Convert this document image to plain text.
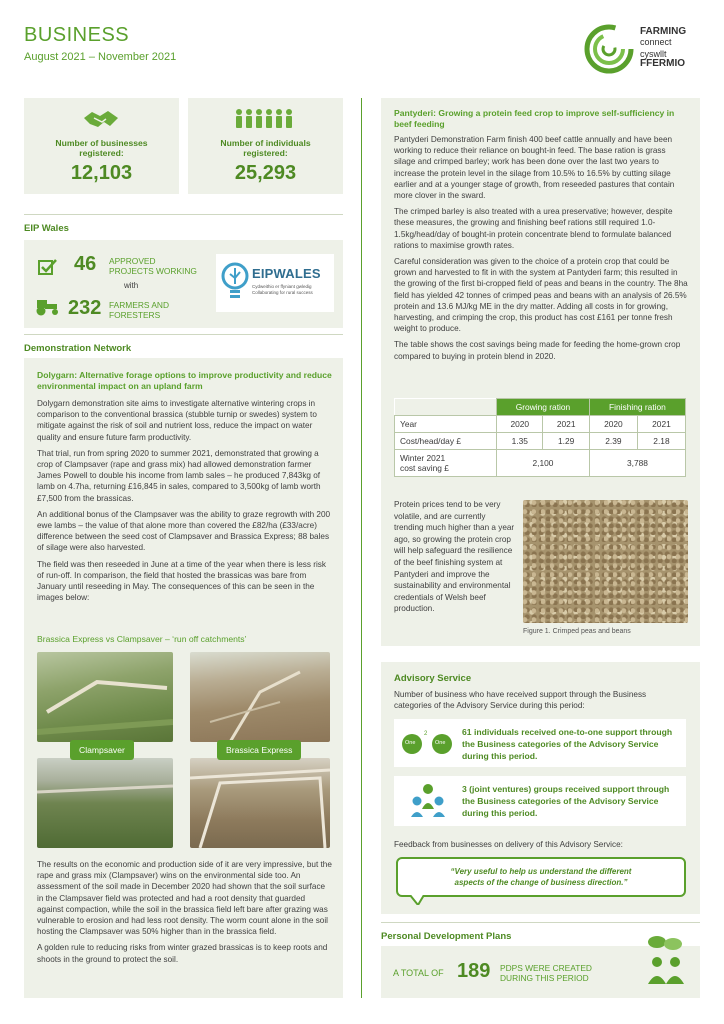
BUSINESS
August 2021 – November 2021
FARMING
connect
cyswllt
FFERMIO
Number of businesses registered:
12,103
Number of individuals registered:
25,293
EIP Wales
46 APPROVED
PROJECTS WORKING
with
232 FARMERS AND
FORESTERS
EIPWALES
Cydweithio er ffyniant gwledig
Collaborating for rural success
Demonstration Network
Dolygarn: Alternative forage options to improve productivity and reduce environmental impact on an upland farm

Dolygarn demonstration site aims to investigate alternative wintering crops in comparison to the conventional brassica (stubble turnip or swedes) system to mitigate against the risk of soil and nutrient loss, reduce the impact on water quality and ensure future farm productivity.

That trial, run from spring 2020 to summer 2021, demonstrated that growing a crop of Clampsaver (rape and grass mix) had allowed demonstration farmer James Powell to double his income from lamb sales – he produced 7,843kg of lamb on 4.7ha, returning £16,845 in sales, compared to 3,500kg of lamb worth £7,500 from the brassicas.

An additional bonus of the Clampsaver was the ability to graze regrowth with 200 ewe lambs – the value of that alone more than covered the £82/ha (£33/acre) difference between the seed cost of Clampsaver and Brassica Express; 88 bales of silage were also harvested.

The field was then reseeded in June at a time of the year when there is less risk of run-off. In comparison, the field that hosted the brassicas was bare from January until reseeding in May. The consequences of this can be seen in the images below:

Brassica Express vs Clampsaver – ‘run off catchments’
Clampsaver	Brassica Express

The results on the economic and production side of it are very impressive, but the rape and grass mix (Clampsaver) wins on the environmental side too. An assessment of the soil made in December 2020 had shown that the soil surface in the Clampsaver field was protected and had a root density that guarded against compaction, while the soil in the brassica field left bare after grazing was vulnerable to erosion and had less root density. The worm count alone in the soil hosting the Clampsaver was 50% higher than in the brassica field.

A golden rule to reducing risks from winter grazed brassicas is to keep roots and shoots in the ground to protect the soil.

Pantyderi: Growing a protein feed crop to improve self-sufficiency in beef feeding

Pantyderi Demonstration Farm finish 400 beef cattle annually and have been working to reduce their reliance on bought-in feed. The base ration is grass silage and crimped barley; work has been done over the last two years to increase the protein level in the silage from 10.5% to 16.5% by cutting silage earlier and at a younger stage of growth, from reseeded pastures that contain more clover in the sward.

The crimped barley is also treated with a urea preservative; however, despite these measures, the growing and finishing beef rations still required 1.0-1.5kg/head/day of bought-in protein concentrate blend to formulate balanced rations to maximise growth rates.

Careful consideration was given to the choice of a protein crop that could be grown and harvested to fit in with the system at Pantyderi farm; this resulted in the growing of the first bi-cropped field of peas and beans in the country. The 8ha field has yielded 42 tonnes of crimped peas and beans with an analysis of 26.5% protein and 13.6 MJ/kg ME in the dry matter. Adding all costs in for growing, harvesting, and crimping the crop, this product has cost £161 per tonne fresh weight to produce.

The table shows the cost savings being made for feeding the home-grown crop compared to buying in protein blend in 2020.

	Growing ration		Finishing ration	
Year	2020	2021	2020	2021
Cost/head/day £	1.35	1.29	2.39	2.18

Winter 2021
cost saving £	2,100		3,788	
Protein prices tend to be very volatile, and are currently trending much higher than a year ago, so growing the protein crop will help safeguard the resilience of the beef finishing system at Pantyderi and improve the sustainability and environmental credentials of Welsh beef production.
Figure 1. Crimped peas and beans
Advisory Service
Number of business who have received support through the Business categories of the Advisory Service during this period:
One
2
One
61 individuals received one-to-one support through the Business categories of the Advisory Service during this period.
3 (joint ventures) groups received support through the Business categories of the Advisory Service during this period.
Feedback from businesses on delivery of this Advisory Service:
“Very useful to help us understand the different aspects of the change of business direction.”
Personal Development Plans
A TOTAL OF 189 PDPS WERE CREATED
DURING THIS PERIOD
